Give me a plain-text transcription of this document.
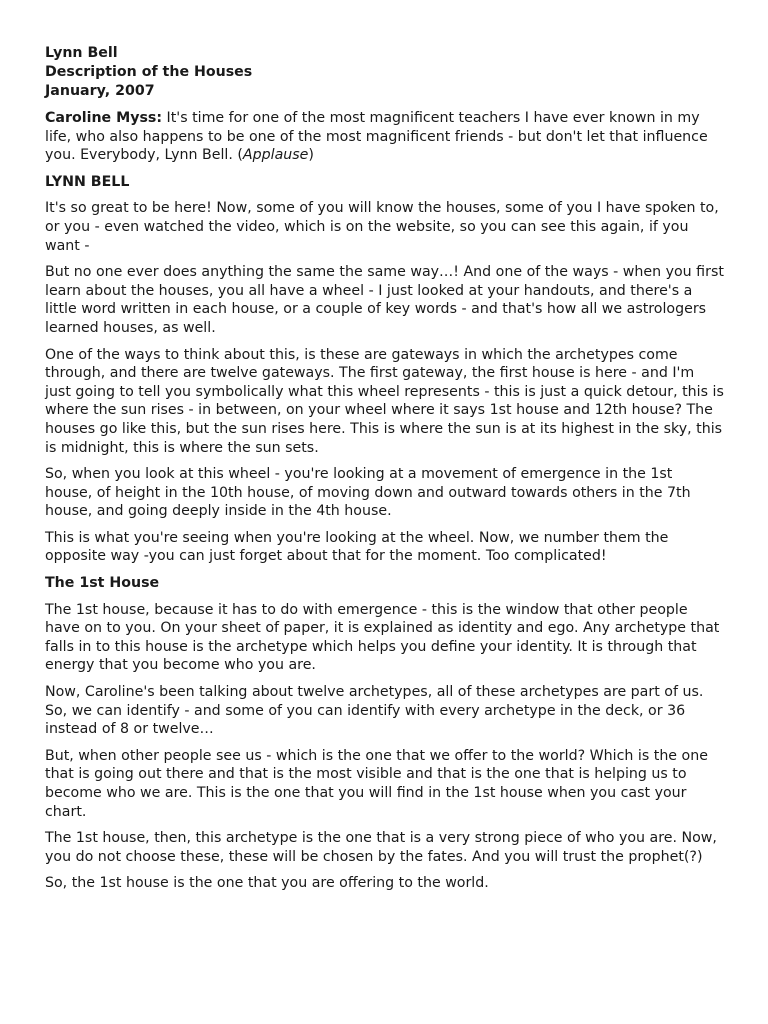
Lynn Bell
Description of the Houses
January, 2007

Caroline Myss: It's time for one of the most magnificent teachers I have ever known in my life, who also happens to be one of the most magnificent friends - but don't let that influence you. Everybody, Lynn Bell. (Applause)

LYNN BELL

It's so great to be here! Now, some of you will know the houses, some of you I have spoken to, or you - even watched the video, which is on the website, so you can see this again, if you want -

But no one ever does anything the same the same way…! And one of the ways - when you first learn about the houses, you all have a wheel - I just looked at your handouts, and there's a little word written in each house, or a couple of key words - and that's how all we astrologers learned houses, as well.

One of the ways to think about this, is these are gateways in which the archetypes come through, and there are twelve gateways. The first gateway, the first house is here - and I'm just going to tell you symbolically what this wheel represents - this is just a quick detour, this is where the sun rises - in between, on your wheel where it says 1st house and 12th house? The houses go like this, but the sun rises here. This is where the sun is at its highest in the sky, this is midnight, this is where the sun sets.

So, when you look at this wheel - you're looking at a movement of emergence in the 1st house, of height in the 10th house, of moving down and outward towards others in the 7th house, and going deeply inside in the 4th house.

This is what you're seeing when you're looking at the wheel. Now, we number them the opposite way -you can just forget about that for the moment. Too complicated!

The 1st House

The 1st house, because it has to do with emergence - this is the window that other people have on to you. On your sheet of paper, it is explained as identity and ego. Any archetype that falls in to this house is the archetype which helps you define your identity. It is through that energy that you become who you are.

Now, Caroline's been talking about twelve archetypes, all of these archetypes are part of us. So, we can identify - and some of you can identify with every archetype in the deck, or 36 instead of 8 or twelve…

But, when other people see us - which is the one that we offer to the world? Which is the one that is going out there and that is the most visible and that is the one that is helping us to become who we are. This is the one that you will find in the 1st house when you cast your chart.

The 1st house, then, this archetype is the one that is a very strong piece of who you are. Now, you do not choose these, these will be chosen by the fates. And you will trust the prophet(?)

So, the 1st house is the one that you are offering to the world.
